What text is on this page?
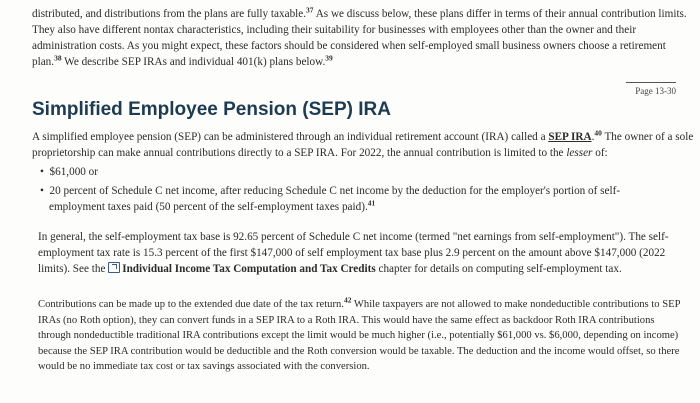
distributed, and distributions from the plans are fully taxable.$^{37}$ As we discuss below, these plans differ in terms of their annual contribution limits. They also have different nontax characteristics, including their suitability for businesses with employees other than the owner and their administration costs. As you might expect, these factors should be considered when self-employed small business owners choose a retirement plan.$^{38}$ We describe SEP IRAs and individual 401(k) plans below.$^{39}$

Page 13-30
Simplified Employee Pension (SEP) IRA

A simplified employee pension (SEP) can be administered through an individual retirement account (IRA) called a SEP IRA.$^{40}$ The owner of a sole proprietorship can make annual contributions directly to a SEP IRA. For 2022, the annual contribution is limited to the lesser of:

•  $61,000 or

•  20 percent of Schedule C net income, after reducing Schedule C net income by the deduction for the employer's portion of self-
employment taxes paid (50 percent of the self-employment taxes paid).$^{41}$

In general, the self-employment tax base is 92.65 percent of Schedule C net income (termed "net earnings from self-employment"). The self-employment tax rate is 15.3 percent of the first $147,000 of self employment tax base plus 2.9 percent on the amount above $147,000 (2022 limits). See the Individual Income Tax Computation and Tax Credits chapter for details on computing self-employment tax.

Contributions can be made up to the extended due date of the tax return.$^{42}$ While taxpayers are not allowed to make nondeductible contributions to SEP IRAs (no Roth option), they can convert funds in a SEP IRA to a Roth IRA. This would have the same effect as backdoor Roth IRA contributions through nondeductible traditional IRA contributions except the limit would be much higher (i.e., potentially $61,000 vs. $6,000, depending on income) because the SEP IRA contribution would be deductible and the Roth conversion would be taxable. The deduction and the income would offset, so there would be no immediate tax cost or tax savings associated with the conversion.
